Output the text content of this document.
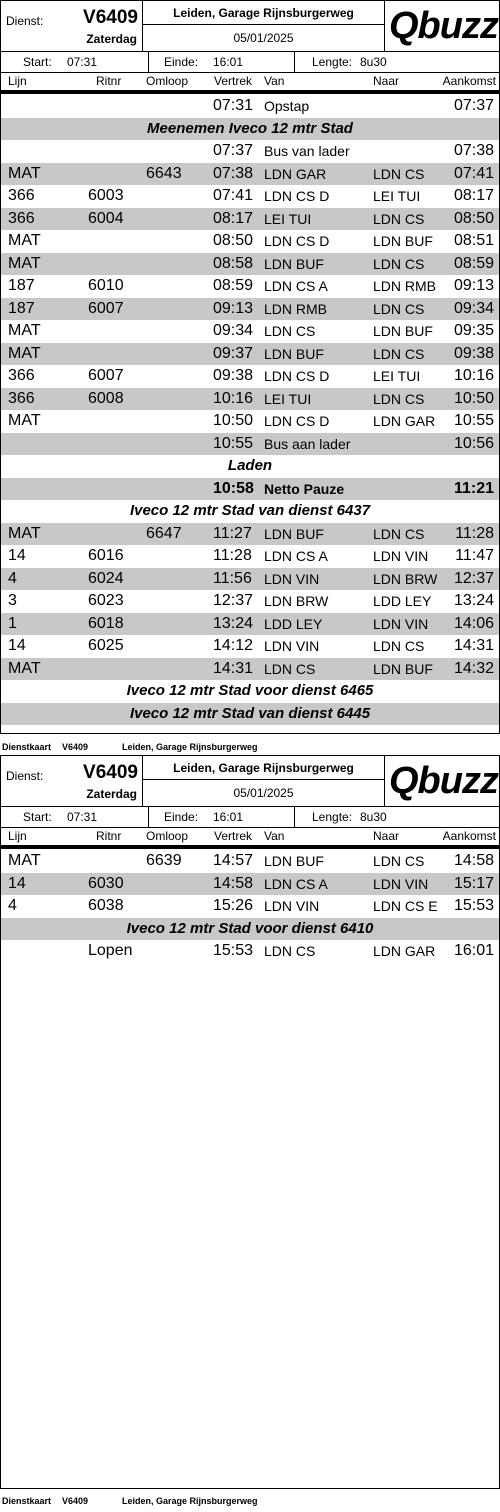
Dienst: V6409
Zaterdag
Leiden, Garage Rijnsburgerweg
05/01/2025	Qbuzz
Start: 07:31	Einde: 16:01	Lengte: 8u30
Lijn	Ritnr Omloop Vertrek Van	Naar	Aankomst
07:31 Opstap	07:37
Meenemen Iveco 12 mtr Stad
07:37 Bus van lader	07:38
MAT	6643 07:38 LDN GAR	LDN CS 07:41
366	6003	07:41 LDN CS D	LEI TUI 08:17
366	6004	08:17 LEI TUI	LDN CS 08:50
MAT	08:50 LDN CS D	LDN BUF 08:51
MAT	08:58 LDN BUF	LDN CS 08:59
187	6010	08:59 LDN CS A	LDN RMB 09:13
187	6007	09:13 LDN RMB	LDN CS 09:34
MAT	09:34 LDN CS	LDN BUF 09:35
MAT	09:37 LDN BUF	LDN CS 09:38
366	6007	09:38 LDN CS D	LEI TUI 10:16
366	6008	10:16 LEI TUI	LDN CS 10:50
MAT	10:50 LDN CS D	LDN GAR 10:55
10:55 Bus aan lader	10:56
Laden
10:58 Netto Pauze	11:21
Iveco 12 mtr Stad van dienst 6437
MAT	6647 11:27 LDN BUF	LDN CS 11:28
14	6016	11:28 LDN CS A	LDN VIN 11:47
4	6024	11:56 LDN VIN	LDN BRW 12:37
3	6023	12:37 LDN BRW	LDD LEY 13:24
1	6018	13:24 LDD LEY	LDN VIN 14:06
14	6025	14:12 LDN VIN	LDN CS 14:31
MAT	14:31 LDN CS	LDN BUF 14:32
Iveco 12 mtr Stad voor dienst 6465
Iveco 12 mtr Stad van dienst 6445
Dienstkaart V6409	Leiden, Garage Rijnsburgerweg
Dienst: V6409
Zaterdag
Leiden, Garage Rijnsburgerweg
05/01/2025	Qbuzz
Start: 07:31	Einde: 16:01	Lengte: 8u30
Lijn	Ritnr Omloop Vertrek Van	Naar	Aankomst
MAT	6639 14:57 LDN BUF	LDN CS 14:58
14	6030	14:58 LDN CS A	LDN VIN 15:17
4	6038	15:26 LDN VIN	LDN CS E 15:53
Iveco 12 mtr Stad voor dienst 6410
Lopen	15:53 LDN CS	LDN GAR 16:01
Dienstkaart V6409	Leiden, Garage Rijnsburgerweg
